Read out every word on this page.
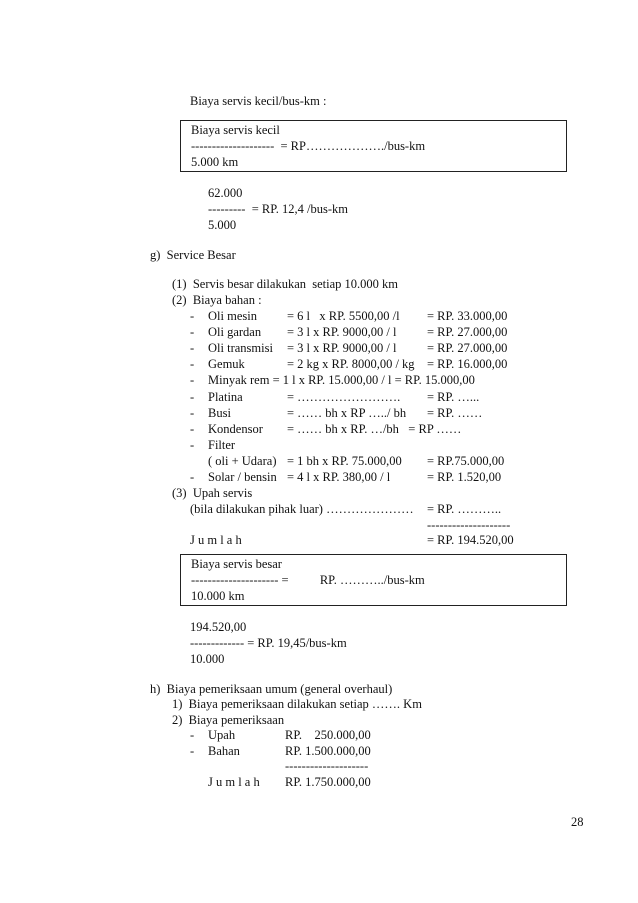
Biaya servis kecil/bus-km :
Biaya servis kecil
--------------------  = RP………………./bus-km
5.000 km
62.000
---------  = RP. 12,4 /bus-km
5.000
g)  Service Besar
(1)  Servis besar dilakukan  setiap 10.000 km
(2)  Biaya bahan :
- Oli mesin = 6 l   x RP. 5500,00 /l = RP. 33.000,00
- Oli gardan = 3 l x RP. 9000,00 / l = RP. 27.000,00
- Oli transmisi = 3 l x RP. 9000,00 / l = RP. 27.000,00
- Gemuk	= 2 kg x RP. 8000,00 / kg = RP. 16.000,00
- Minyak rem = 1 l x RP. 15.000,00 / l = RP. 15.000,00
- Platina	= ……………………. = RP. …...
- Busi	= …… bh x RP …../ bh = RP. ……
- Kondensor = …… bh x RP. …/bh   = RP ……
- Filter
( oli + Udara) = 1 bh x RP. 75.000,00 = RP.75.000,00
- Solar / bensin = 4 l x RP. 380,00 / l	= RP. 1.520,00
(3)  Upah servis
(bila dilakukan pihak luar) ………………… = RP. ………..
--------------------
J u m l a h	= RP. 194.520,00
Biaya servis besar
--------------------- =          RP. ………../bus-km
10.000 km
194.520,00
------------- = RP. 19,45/bus-km
10.000
h)  Biaya pemeriksaan umum (general overhaul)
1)  Biaya pemeriksaan dilakukan setiap ……. Km
2)  Biaya pemeriksaan
- Upah	RP.    250.000,00
- Bahan	RP. 1.500.000,00
--------------------
J u m l a h RP. 1.750.000,00
28
